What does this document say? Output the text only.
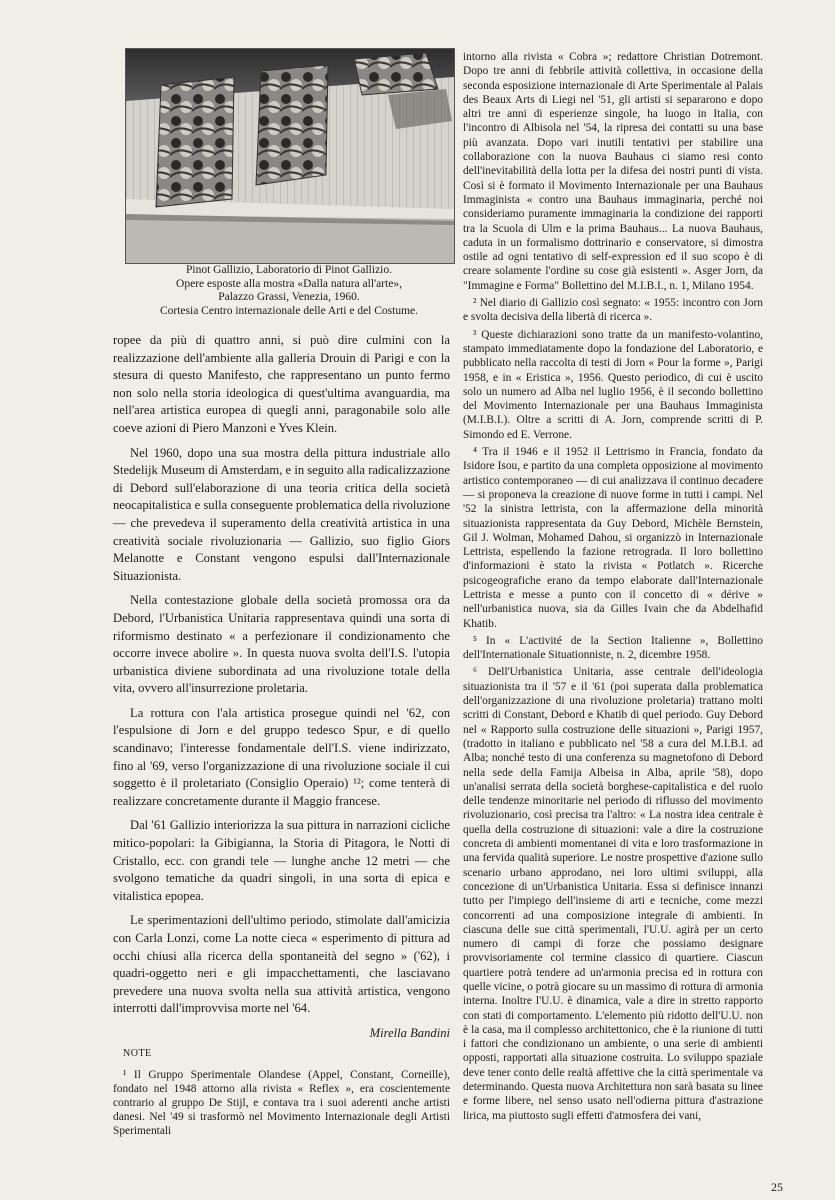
Pinot Gallizio, Laboratorio di Pinot Gallizio.
Opere esposte alla mostra «Dalla natura all'arte»,
Palazzo Grassi, Venezia, 1960.
Cortesia Centro internazionale delle Arti e del Costume.

ropee da più di quattro anni, si può dire culmini con la realizzazione dell'ambiente alla galleria Drouin di Parigi e con la stesura di questo Manifesto, che rappresentano un punto fermo non solo nella storia ideologica di quest'ultima avanguardia, ma nell'area artistica europea di quegli anni, paragonabile solo alle coeve azioni di Piero Manzoni e Yves Klein.

Nel 1960, dopo una sua mostra della pittura industriale allo Stedelijk Museum di Amsterdam, e in seguito alla radicalizzazione di Debord sull'elaborazione di una teoria critica della società neocapitalistica e sulla conseguente problematica della rivoluzione — che prevedeva il superamento della creatività artistica in una creatività sociale rivoluzionaria — Gallizio, suo figlio Giors Melanotte e Constant vengono espulsi dall'Internazionale Situazionista.

Nella contestazione globale della società promossa ora da Debord, l'Urbanistica Unitaria rappresentava quindi una sorta di riformismo destinato « a perfezionare il condizionamento che occorre invece abolire ». In questa nuova svolta dell'I.S. l'utopia urbanistica diviene subordinata ad una rivoluzione totale della vita, ovvero all'insurrezione proletaria.

La rottura con l'ala artistica prosegue quindi nel '62, con l'espulsione di Jorn e del gruppo tedesco Spur, e di quello scandinavo; l'interesse fondamentale dell'I.S. viene indirizzato, fino al '69, verso l'organizzazione di una rivoluzione sociale il cui soggetto è il proletariato (Consiglio Operaio) ¹²; come tenterà di realizzare concretamente durante il Maggio francese.

Dal '61 Gallizio interiorizza la sua pittura in narrazioni cicliche mitico-popolari: la Gibigianna, la Storia di Pitagora, le Notti di Cristallo, ecc. con grandi tele — lunghe anche 12 metri — che svolgono tematiche da quadri singoli, in una sorta di epica e vitalistica epopea.

Le sperimentazioni dell'ultimo periodo, stimolate dall'amicizia con Carla Lonzi, come La notte cieca « esperimento di pittura ad occhi chiusi alla ricerca della spontaneità del segno » ('62), i quadri-oggetto neri e gli impacchettamenti, che lasciavano prevedere una nuova svolta nella sua attività artistica, vengono interrotti dall'improvvisa morte nel '64.

Mirella Bandini

NOTE

¹ Il Gruppo Sperimentale Olandese (Appel, Constant, Corneille), fondato nel 1948 attorno alla rivista « Reflex », era coscientemente contrario al gruppo De Stijl, e contava tra i suoi aderenti anche artisti danesi. Nel '49 si trasformò nel Movimento Internazionale degli Artisti Sperimentali

intorno alla rivista « Cobra »; redattore Christian Dotremont. Dopo tre anni di febbrile attività collettiva, in occasione della seconda esposizione internazionale di Arte Sperimentale al Palais des Beaux Arts di Liegi nel '51, gli artisti si separarono e dopo altri tre anni di esperienze singole, ha luogo in Italia, con l'incontro di Albisola nel '54, la ripresa dei contatti su una base più avanzata. Dopo vari inutili tentativi per stabilire una collaborazione con la nuova Bauhaus ci siamo resi conto dell'inevitabilità della lotta per la difesa dei nostri punti di vista. Così si è formato il Movimento Internazionale per una Bauhaus Immaginista « contro una Bauhaus immaginaria, perché noi consideriamo puramente immaginaria la condizione dei rapporti tra la Scuola di Ulm e la prima Bauhaus... La nuova Bauhaus, caduta in un formalismo dottrinario e conservatore, si dimostra ostile ad ogni tentativo di self-expression ed il suo scopo è di creare solamente l'ordine su cose già esistenti ». Asger Jorn, da "Immagine e Forma" Bollettino del M.I.B.I., n. 1, Milano 1954.

² Nel diario di Gallizio così segnato: « 1955: incontro con Jorn e svolta decisiva della libertà di ricerca ».

³ Queste dichiarazioni sono tratte da un manifesto-volantino, stampato immediatamente dopo la fondazione del Laboratorio, e pubblicato nella raccolta di testi di Jorn « Pour la forme », Parigi 1958, e in « Eristica », 1956. Questo periodico, di cui è uscito solo un numero ad Alba nel luglio 1956, è il secondo bollettino del Movimento Internazionale per una Bauhaus Immaginista (M.I.B.I.). Oltre a scritti di A. Jorn, comprende scritti di P. Simondo ed E. Verrone.

⁴ Tra il 1946 e il 1952 il Lettrismo in Francia, fondato da Isidore Isou, e partito da una completa opposizione al movimento artistico contemporaneo — di cui analizzava il continuo decadere — si proponeva la creazione di nuove forme in tutti i campi. Nel '52 la sinistra lettrista, con la affermazione della minorità situazionista rappresentata da Guy Debord, Michèle Bernstein, Gil J. Wolman, Mohamed Dahou, si organizzò in Internazionale Lettrista, espellendo la fazione retrograda. Il loro bollettino d'informazioni è stato la rivista « Potlatch ». Ricerche psicogeografiche erano da tempo elaborate dall'Internazionale Lettrista e messe a punto con il concetto di « dérive » nell'urbanistica nuova, sia da Gilles Ivain che da Abdelhafid Khatib.

⁵ In « L'activité de la Section Italienne », Bollettino dell'Internationale Situationniste, n. 2, dicembre 1958.

⁶ Dell'Urbanistica Unitaria, asse centrale dell'ideologia situazionista tra il '57 e il '61 (poi superata dalla problematica dell'organizzazione di una rivoluzione proletaria) trattano molti scritti di Constant, Debord e Khatib di quel periodo. Guy Debord nel « Rapporto sulla costruzione delle situazioni », Parigi 1957, (tradotto in italiano e pubblicato nel '58 a cura del M.I.B.I. ad Alba; nonché testo di una conferenza su magnetofono di Debord nella sede della Famija Albeisa in Alba, aprile '58), dopo un'analisi serrata della società borghese-capitalistica e del ruolo delle tendenze minoritarie nel periodo di riflusso del movimento rivoluzionario, così precisa tra l'altro: « La nostra idea centrale è quella della costruzione di situazioni: vale a dire la costruzione concreta di ambienti momentanei di vita e loro trasformazione in una fervida qualità superiore. Le nostre prospettive d'azione sullo scenario urbano approdano, nei loro ultimi sviluppi, alla concezione di un'Urbanistica Unitaria. Essa si definisce innanzi tutto per l'impiego dell'insieme di arti e tecniche, come mezzi concorrenti ad una composizione integrale di ambienti. In ciascuna delle sue città sperimentali, l'U.U. agirà per un certo numero di campi di forze che possiamo designare provvisoriamente col termine classico di quartiere. Ciascun quartiere potrà tendere ad un'armonia precisa ed in rottura con quelle vicine, o potrà giocare su un massimo di rottura di armonia interna. Inoltre l'U.U. è dinamica, vale a dire in stretto rapporto con stati di comportamento. L'elemento più ridotto dell'U.U. non è la casa, ma il complesso architettonico, che è la riunione di tutti i fattori che condizionano un ambiente, o una serie di ambienti opposti, rapportati alla situazione costruita. Lo sviluppo spaziale deve tener conto delle realtà affettive che la città sperimentale va determinando. Questa nuova Architettura non sarà basata su linee e forme libere, nel senso usato nell'odierna pittura d'astrazione lirica, ma piuttosto sugli effetti d'atmosfera dei vani,

25
